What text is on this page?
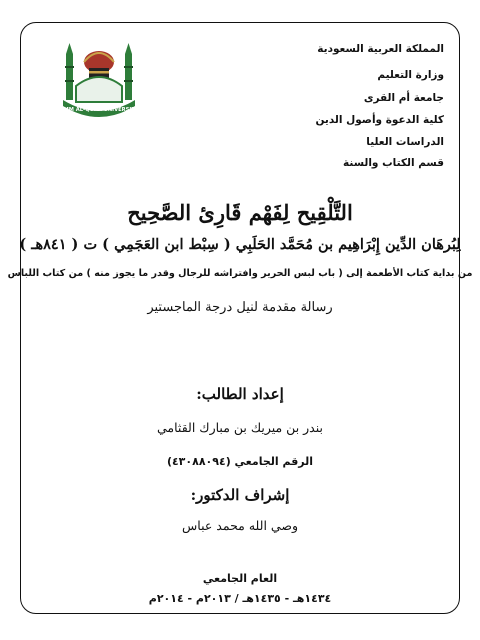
المملكة العربية السعودية
وزارة التعليم
جامعة أم القرى
كلية الدعوة وأصول الدين
الدراسات العليا
قسم الكتاب والسنة
UMM AL-QURA UNIVERSITY
التَّلْقِيح لِفَهْم قَارِئ الصَّحِيح
لِبُرهَان الدِّين إِبْرَاهِيم بن مُحَمَّد الحَلَبِي ( سِبْط ابن العَجَمِي ) ت ( ٨٤١هـ )
من بداية كتاب الأطعمة إلى ( باب لبس الحرير وافتراشه للرجال وقدر ما يجوز منه ) من كتاب اللباس
رسالة مقدمة لنيل درجة الماجستير
إعداد الطالب:
بندر بن ميريك بن مبارك القثامي
الرقم الجامعي (٤٣٠٨٨٠٩٤)
إشراف الدكتور:
وصي الله محمد عباس
العام الجامعي
١٤٣٤هـ - ١٤٣٥هـ / ٢٠١٣م - ٢٠١٤م
